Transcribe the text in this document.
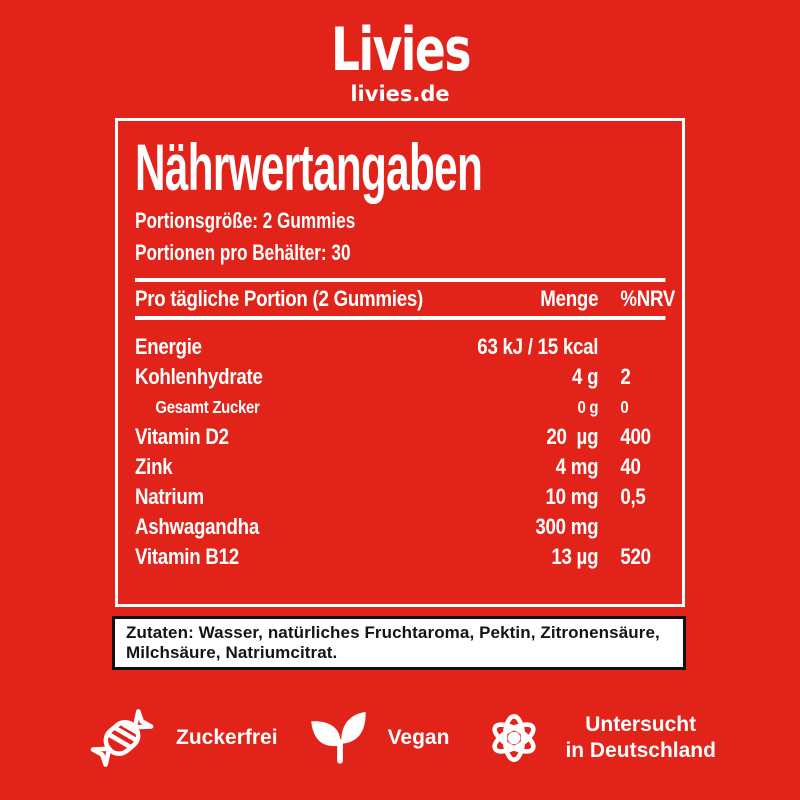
Livies
livies.de
Nährwertangaben
Portionsgröße: 2 Gummies
Portionen pro Behälter: 30
Pro tägliche Portion (2 Gummies)	Menge %NRV
Energie	63 kJ / 15 kcal
Kohlenhydrate	4 g 2
Gesamt Zucker	0 g 0
Vitamin D2	20  µg 400
Zink	4 mg 40
Natrium	10 mg 0,5
Ashwagandha	300 mg
Vitamin B12	13 µg 520

Zutaten: Wasser, natürliches Fruchtaroma, Pektin, Zitronensäure, Milchsäure, Natriumcitrat.

Zuckerfrei	Vegan
Untersucht
in Deutschland
